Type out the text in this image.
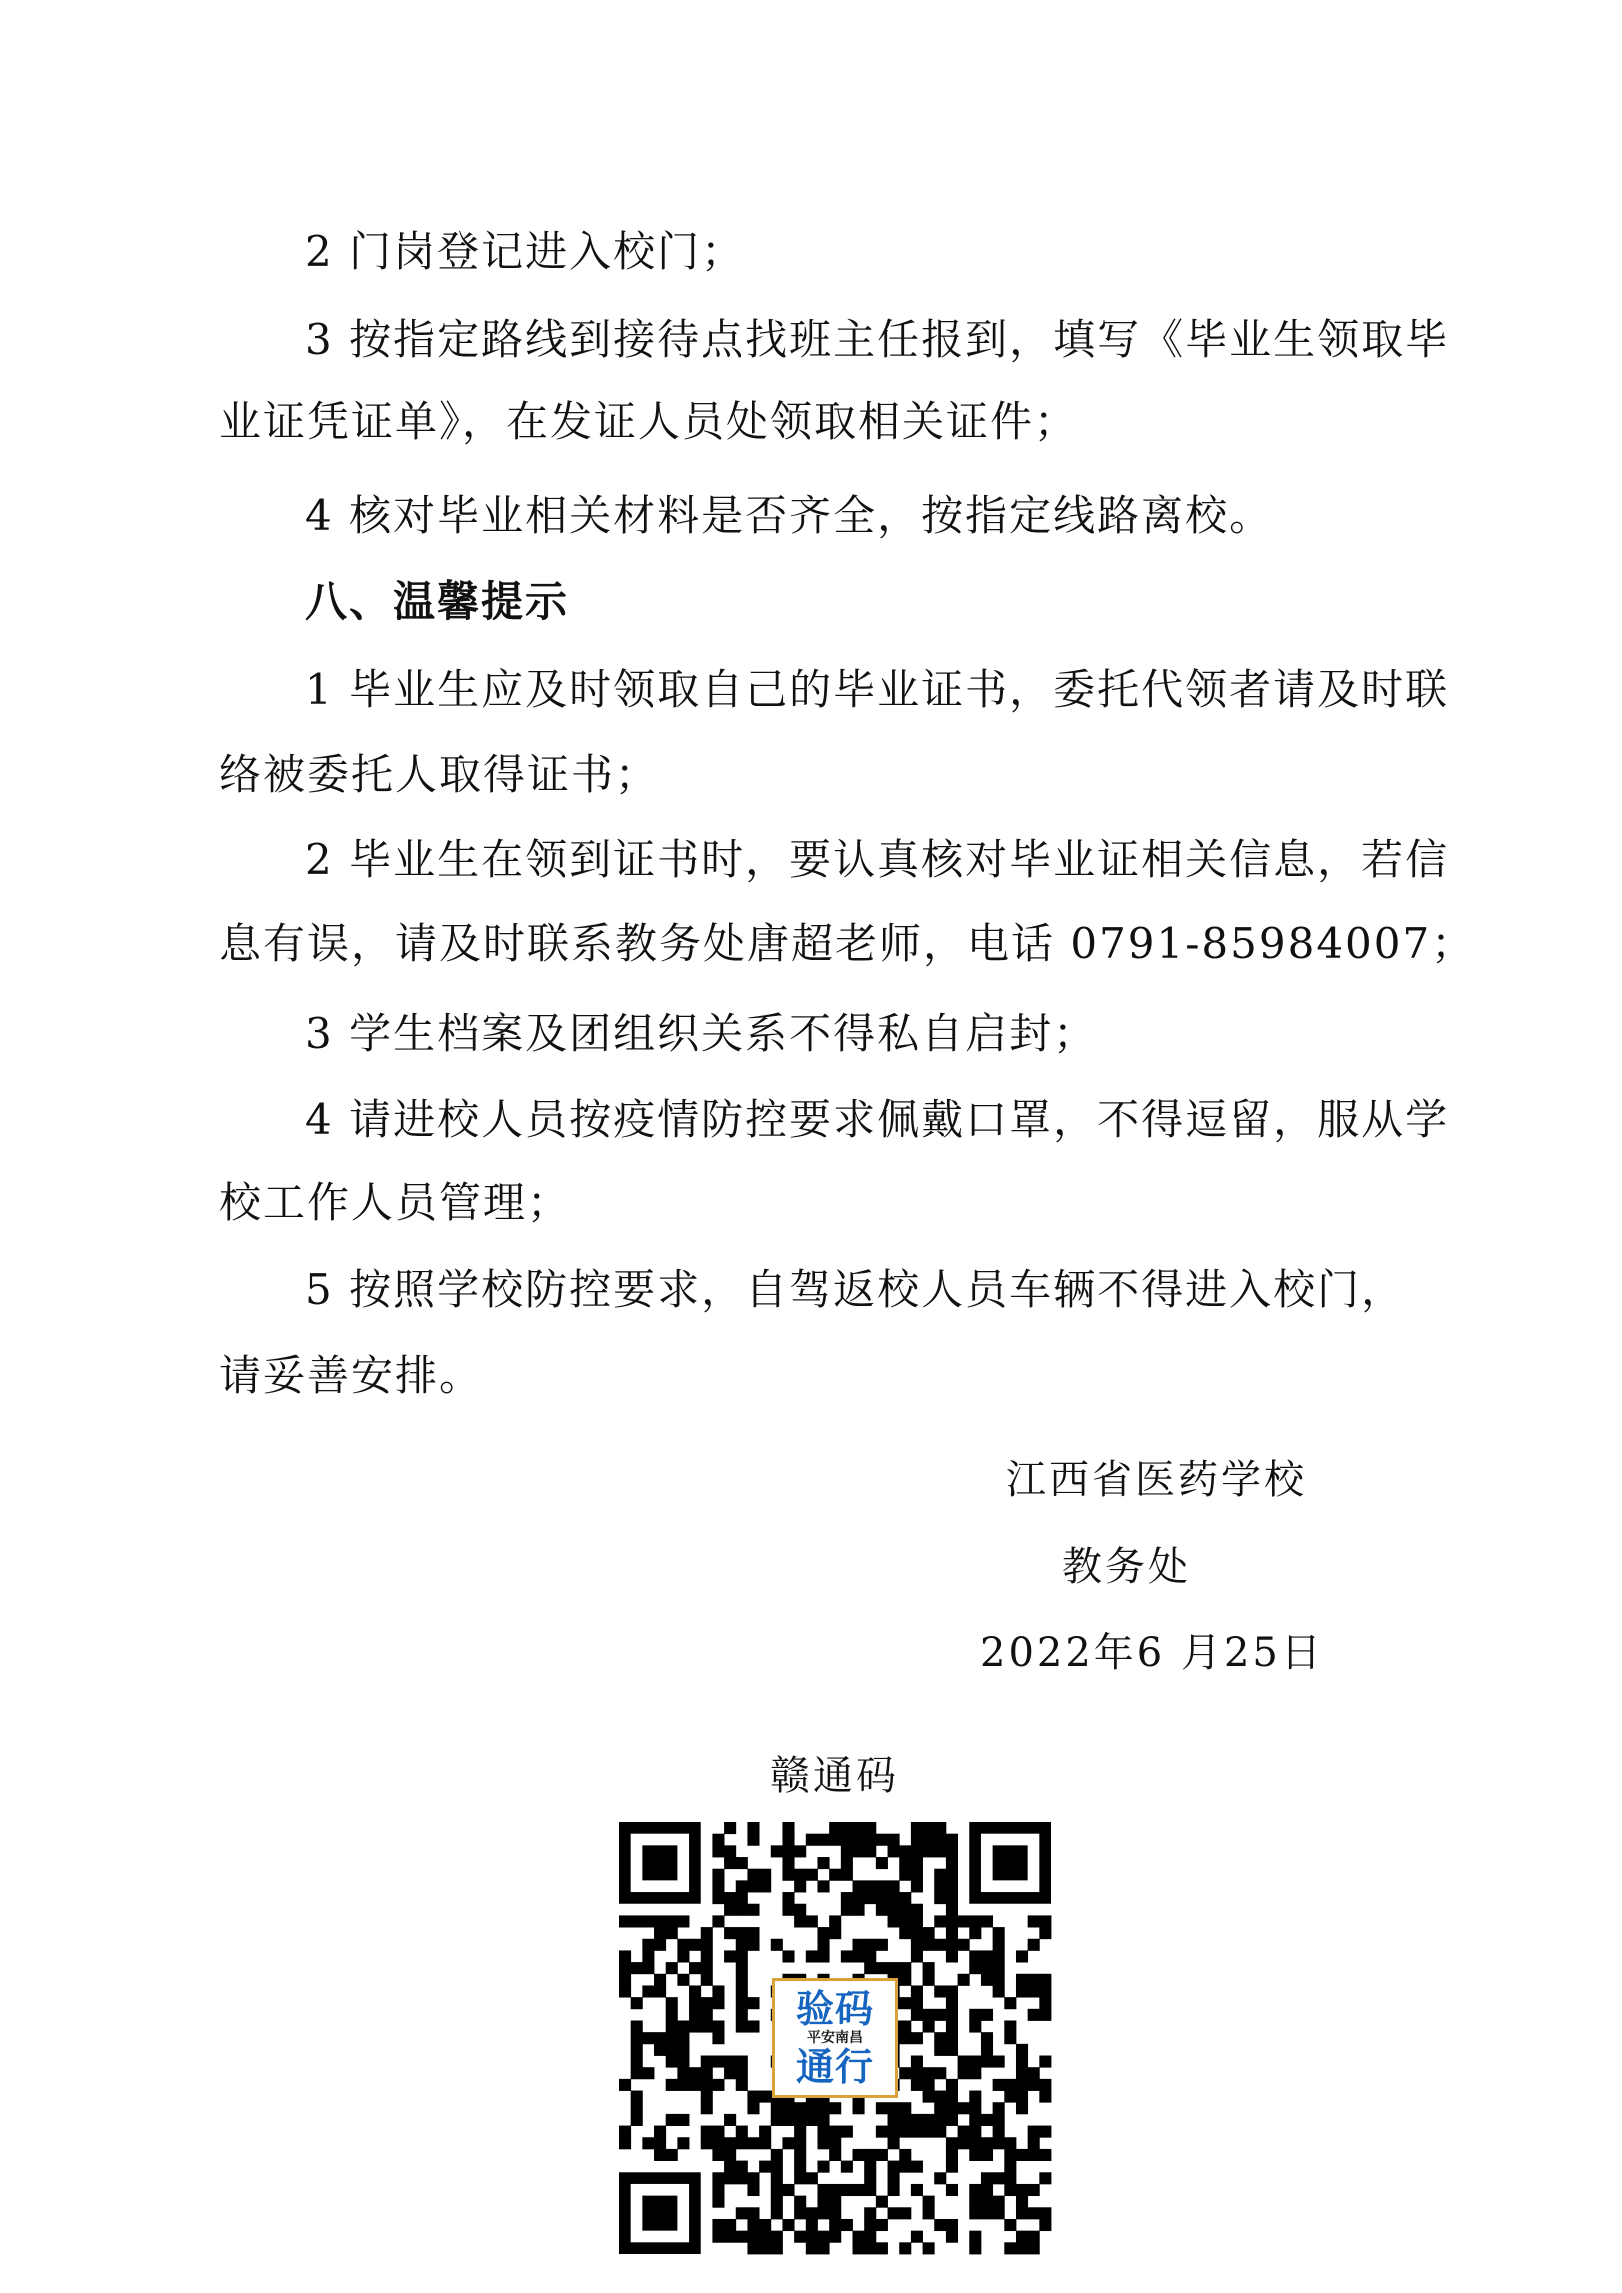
2 门岗登记进入校门；
3 按指定路线到接待点找班主任报到，填写《毕业生领取毕
业证凭证单》，在发证人员处领取相关证件；
4 核对毕业相关材料是否齐全，按指定线路离校。
八、温馨提示
1 毕业生应及时领取自己的毕业证书，委托代领者请及时联
络被委托人取得证书；
2 毕业生在领到证书时，要认真核对毕业证相关信息，若信
息有误，请及时联系教务处唐超老师，电话 0791-85984007；
3 学生档案及团组织关系不得私自启封；
4 请进校人员按疫情防控要求佩戴口罩，不得逗留，服从学
校工作人员管理；
5 按照学校防控要求，自驾返校人员车辆不得进入校门，
请妥善安排。
江西省医药学校
教务处
2022年6 月25日
赣通码
验码
平安南昌
通行
